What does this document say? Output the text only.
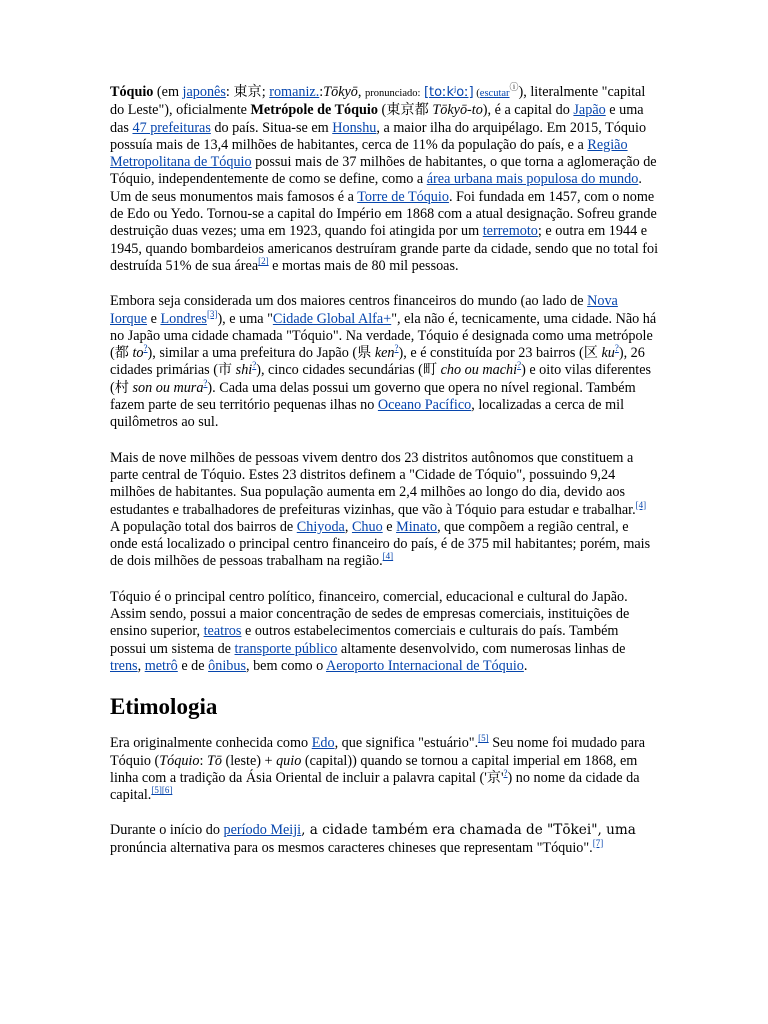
Tóquio (em japonês: 東京; romaniz.:Tōkyō, pronunciado: [toːkʲoː] (escutarⓘ), literalmente "capital do Leste"), oficialmente Metrópole de Tóquio (東京都 Tōkyō-to), é a capital do Japão e uma das 47 prefeituras do país. Situa-se em Honshu, a maior ilha do arquipélago. Em 2015, Tóquio possuía mais de 13,4 milhões de habitantes, cerca de 11% da população do país, e a Região Metropolitana de Tóquio possui mais de 37 milhões de habitantes, o que torna a aglomeração de Tóquio, independentemente de como se define, como a área urbana mais populosa do mundo. Um de seus monumentos mais famosos é a Torre de Tóquio. Foi fundada em 1457, com o nome de Edo ou Yedo. Tornou-se a capital do Império em 1868 com a atual designação. Sofreu grande destruição duas vezes; uma em 1923, quando foi atingida por um terremoto; e outra em 1944 e 1945, quando bombardeios americanos destruíram grande parte da cidade, sendo que no total foi destruída 51% de sua área[2] e mortas mais de 80 mil pessoas.

Embora seja considerada um dos maiores centros financeiros do mundo (ao lado de Nova Iorque e Londres[3]), e uma "Cidade Global Alfa+", ela não é, tecnicamente, uma cidade. Não há no Japão uma cidade chamada "Tóquio". Na verdade, Tóquio é designada como uma metrópole (都 to?), similar a uma prefeitura do Japão (県 ken?), e é constituída por 23 bairros (区 ku?), 26 cidades primárias (市 shi?), cinco cidades secundárias (町 cho ou machi?) e oito vilas diferentes (村 son ou mura?). Cada uma delas possui um governo que opera no nível regional. Também fazem parte de seu território pequenas ilhas no Oceano Pacífico, localizadas a cerca de mil quilômetros ao sul.

Mais de nove milhões de pessoas vivem dentro dos 23 distritos autônomos que constituem a parte central de Tóquio. Estes 23 distritos definem a "Cidade de Tóquio", possuindo 9,24 milhões de habitantes. Sua população aumenta em 2,4 milhões ao longo do dia, devido aos estudantes e trabalhadores de prefeituras vizinhas, que vão à Tóquio para estudar e trabalhar.[4] A população total dos bairros de Chiyoda, Chuo e Minato, que compõem a região central, e onde está localizado o principal centro financeiro do país, é de 375 mil habitantes; porém, mais de dois milhões de pessoas trabalham na região.[4]

Tóquio é o principal centro político, financeiro, comercial, educacional e cultural do Japão. Assim sendo, possui a maior concentração de sedes de empresas comerciais, instituições de ensino superior, teatros e outros estabelecimentos comerciais e culturais do país. Também possui um sistema de transporte público altamente desenvolvido, com numerosas linhas de trens, metrô e de ônibus, bem como o Aeroporto Internacional de Tóquio.

Etimologia

Era originalmente conhecida como Edo, que significa "estuário".[5] Seu nome foi mudado para Tóquio (Tóquio: Tō (leste) + quio (capital)) quando se tornou a capital imperial em 1868, em linha com a tradição da Ásia Oriental de incluir a palavra capital ('京'?) no nome da cidade da capital.[5][6]

Durante o início do período Meiji, a cidade também era chamada de "Tōkei", uma pronúncia alternativa para os mesmos caracteres chineses que representam "Tóquio".[7]
